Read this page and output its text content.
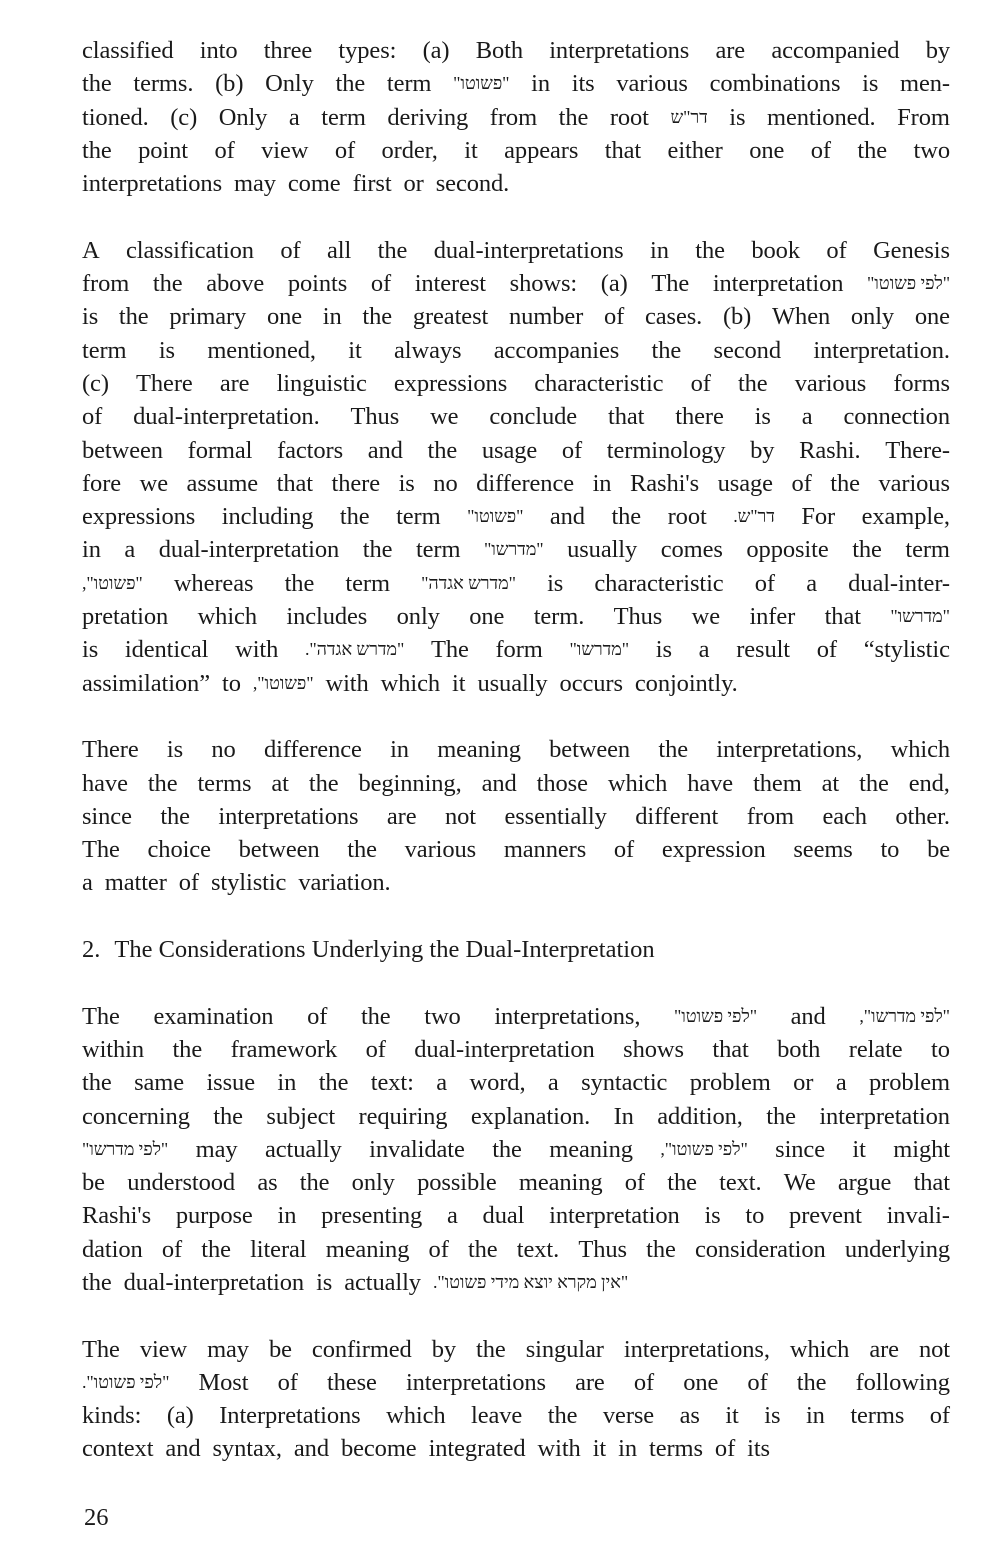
classified into three types: (a) Both interpretations are accompanied by
the terms. (b) Only the term "פשוטו" in its various combinations is men-
tioned. (c) Only a term deriving from the root דר"ש is mentioned. From
the point of view of order, it appears that either one of the two
interpretations may come first or second.
A classification of all the dual-interpretations in the book of Genesis
from the above points of interest shows: (a) The interpretation "לפי פשוטו"
is the primary one in the greatest number of cases. (b) When only one
term is mentioned, it always accompanies the second interpretation.
(c) There are linguistic expressions characteristic of the various forms
of dual-interpretation. Thus we conclude that there is a connection
between formal factors and the usage of terminology by Rashi. There-
fore we assume that there is no difference in Rashi's usage of the various
expressions including the term "פשוטו" and the root דר"ש. For example,
in a dual-interpretation the term "מדרשו" usually comes opposite the term
"פשוטו", whereas the term "מדרש אגדה" is characteristic of a dual-inter-
pretation which includes only one term. Thus we infer that "מדרשו"
is identical with "מדרש אגדה". The form "מדרשו" is a result of “stylistic
assimilation” to "פשוטו", with which it usually occurs conjointly.
There is no difference in meaning between the interpretations, which
have the terms at the beginning, and those which have them at the end,
since the interpretations are not essentially different from each other.
The choice between the various manners of expression seems to be
a matter of stylistic variation.
2. The Considerations Underlying the Dual-Interpretation
The examination of the two interpretations, "לפי פשוטו" and "לפי מדרשו",
within the framework of dual-interpretation shows that both relate to
the same issue in the text: a word, a syntactic problem or a problem
concerning the subject requiring explanation. In addition, the interpretation
"לפי מדרשו" may actually invalidate the meaning "לפי פשוטו", since it might
be understood as the only possible meaning of the text. We argue that
Rashi's purpose in presenting a dual interpretation is to prevent invali-
dation of the literal meaning of the text. Thus the consideration underlying
the dual-interpretation is actually "אין מקרא יוצא מידי פשוטו".
The view may be confirmed by the singular interpretations, which are not
"לפי פשוטו". Most of these interpretations are of one of the following
kinds: (a) Interpretations which leave the verse as it is in terms of
context and syntax, and become integrated with it in terms of its
26
